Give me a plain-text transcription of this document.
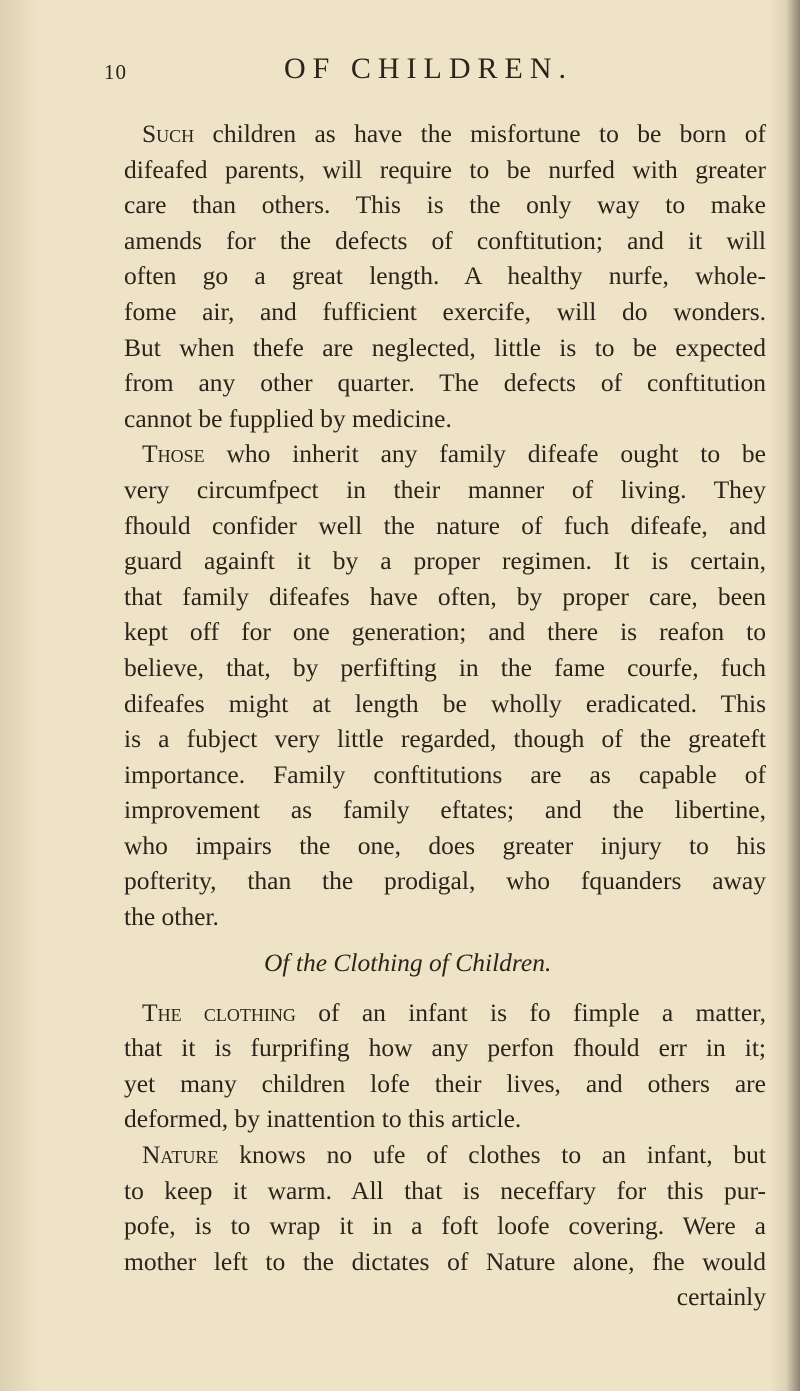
10	OF CHILDREN.
Such children as have the misfortune to be born of
difeafed parents, will require to be nurfed with greater
care than others. This is the only way to make
amends for the defects of conftitution; and it will
often go a great length. A healthy nurfe, whole-
fome air, and fufficient exercife, will do wonders.
But when thefe are neglected, little is to be expected
from any other quarter. The defects of conftitution
cannot be fupplied by medicine.
Those who inherit any family difeafe ought to be
very circumfpect in their manner of living. They
fhould confider well the nature of fuch difeafe, and
guard againft it by a proper regimen. It is certain,
that family difeafes have often, by proper care, been
kept off for one generation; and there is reafon to
believe, that, by perfifting in the fame courfe, fuch
difeafes might at length be wholly eradicated. This
is a fubject very little regarded, though of the greateft
importance. Family conftitutions are as capable of
improvement as family eftates; and the libertine,
who impairs the one, does greater injury to his
pofterity, than the prodigal, who fquanders away
the other.
Of the Clothing of Children.
The clothing of an infant is fo fimple a matter,
that it is furprifing how any perfon fhould err in it;
yet many children lofe their lives, and others are
deformed, by inattention to this article.
Nature knows no ufe of clothes to an infant, but
to keep it warm. All that is neceffary for this pur-
pofe, is to wrap it in a foft loofe covering. Were a
mother left to the dictates of Nature alone, fhe would
certainly
